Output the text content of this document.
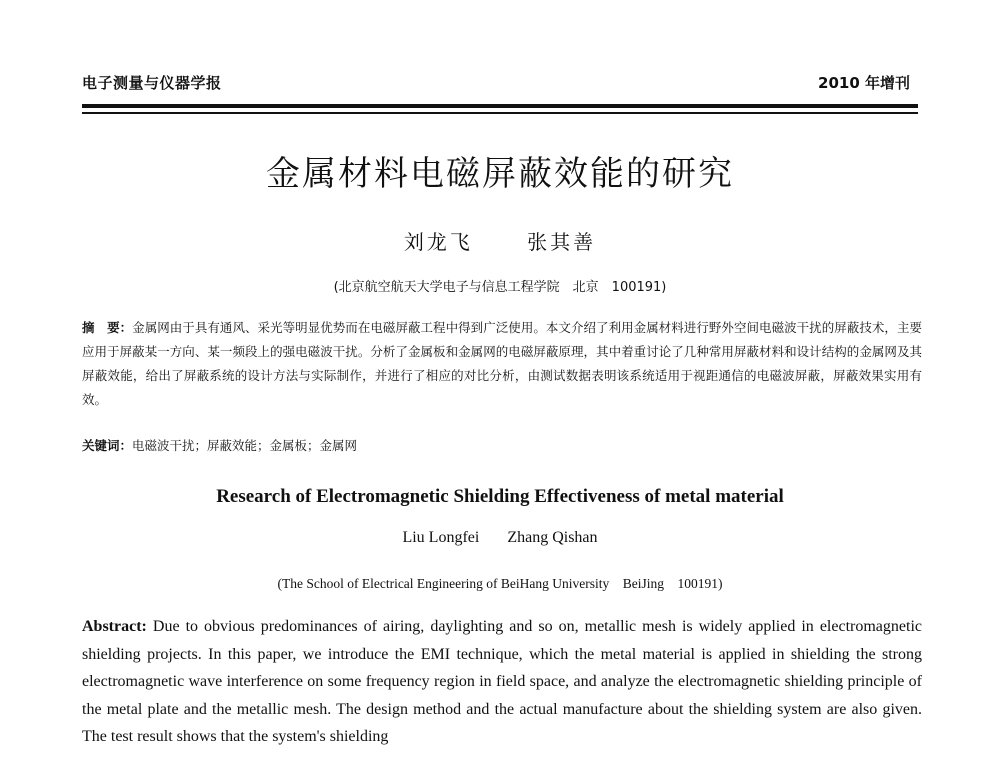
电子测量与仪器学报	2010 年增刊
金属材料电磁屏蔽效能的研究
刘龙飞	张其善
(北京航空航天大学电子与信息工程学院　北京　100191)
摘　要：金属网由于具有通风、采光等明显优势而在电磁屏蔽工程中得到广泛使用。本文介绍了利用金属材料进行野外空间电磁波干扰的屏蔽技术，主要应用于屏蔽某一方向、某一频段上的强电磁波干扰。分析了金属板和金属网的电磁屏蔽原理，其中着重讨论了几种常用屏蔽材料和设计结构的金属网及其屏蔽效能，给出了屏蔽系统的设计方法与实际制作，并进行了相应的对比分析，由测试数据表明该系统适用于视距通信的电磁波屏蔽，屏蔽效果实用有效。
关键词：电磁波干扰；屏蔽效能；金属板；金属网
Research of Electromagnetic Shielding Effectiveness of metal material
Liu Longfei Zhang Qishan
(The School of Electrical Engineering of BeiHang University　BeiJing　100191)
Abstract: Due to obvious predominances of airing, daylighting and so on, metallic mesh is widely applied in electromagnetic shielding projects. In this paper, we introduce the EMI technique, which the metal material is applied in shielding the strong electromagnetic wave interference on some frequency region in field space, and analyze the electromagnetic shielding principle of the metal plate and the metallic mesh. The design method and the actual manufacture about the shielding system are also given. The test result shows that the system's shielding
